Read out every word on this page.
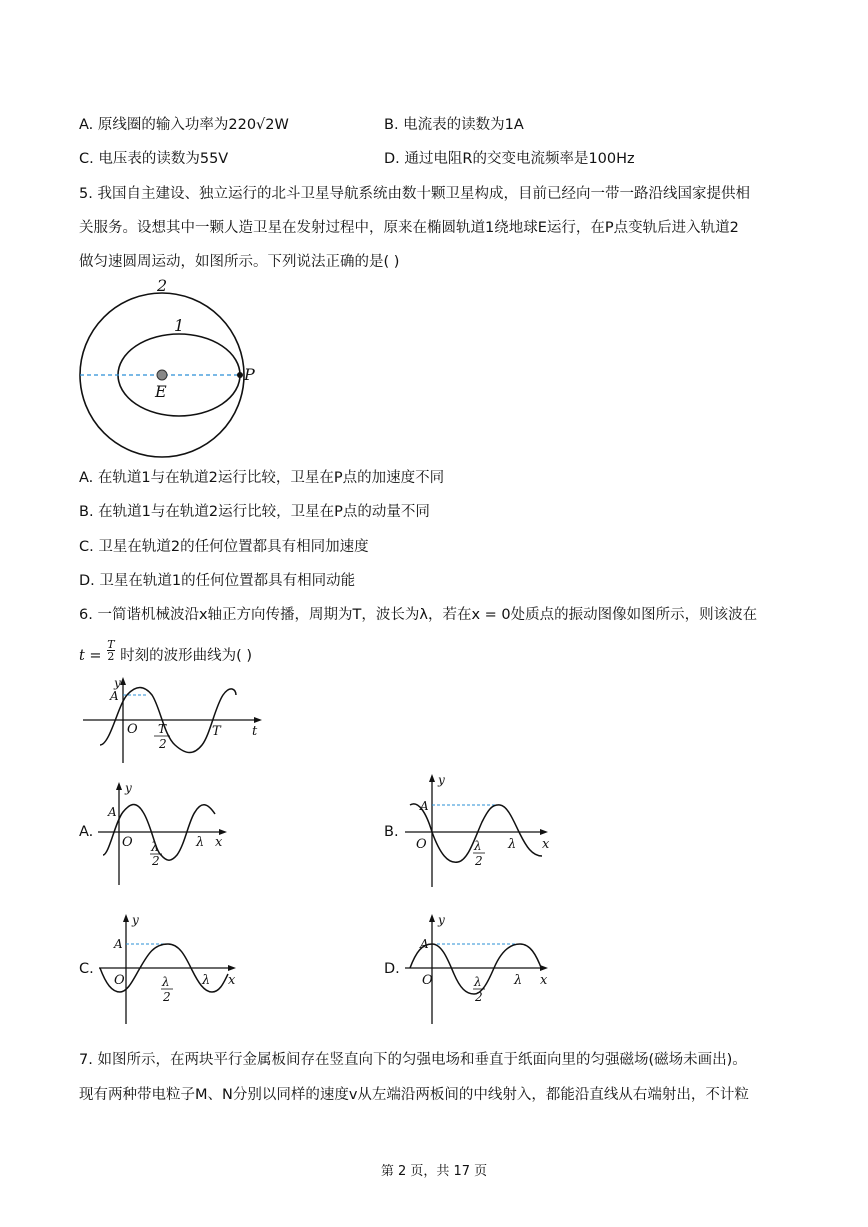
A. 原线圈的输入功率为220√2W	B. 电流表的读数为1A
C. 电压表的读数为55V	D. 通过电阻R的交变电流频率是100Hz
5. 我国自主建设、独立运行的北斗卫星导航系统由数十颗卫星构成，目前已经向一带一路沿线国家提供相
关服务。设想其中一颗人造卫星在发射过程中，原来在椭圆轨道1绕地球E运行，在P点变轨后进入轨道2
做匀速圆周运动，如图所示。下列说法正确的是( )
2
1
E
P
A. 在轨道1与在轨道2运行比较，卫星在P点的加速度不同
B. 在轨道1与在轨道2运行比较，卫星在P点的动量不同
C. 卫星在轨道2的任何位置都具有相同加速度
D. 卫星在轨道1的任何位置都具有相同动能
6. 一简谐机械波沿x轴正方向传播，周期为T，波长为λ，若在x = 0处质点的振动图像如图所示，则该波在
$t = \frac{T}{2}$ 时刻的波形曲线为( )
y
A
O	t
T
2
T
A.
y
A
O λ
2
λ x
B.
y
A
O	λ
2
λ x
C.
y
A
O	λ
2
λ x
D.
y
A
O	λ
2
λ x
7. 如图所示，在两块平行金属板间存在竖直向下的匀强电场和垂直于纸面向里的匀强磁场(磁场未画出)。
现有两种带电粒子M、N分别以同样的速度v从左端沿两板间的中线射入，都能沿直线从右端射出，不计粒
第 2 页，共 17 页
